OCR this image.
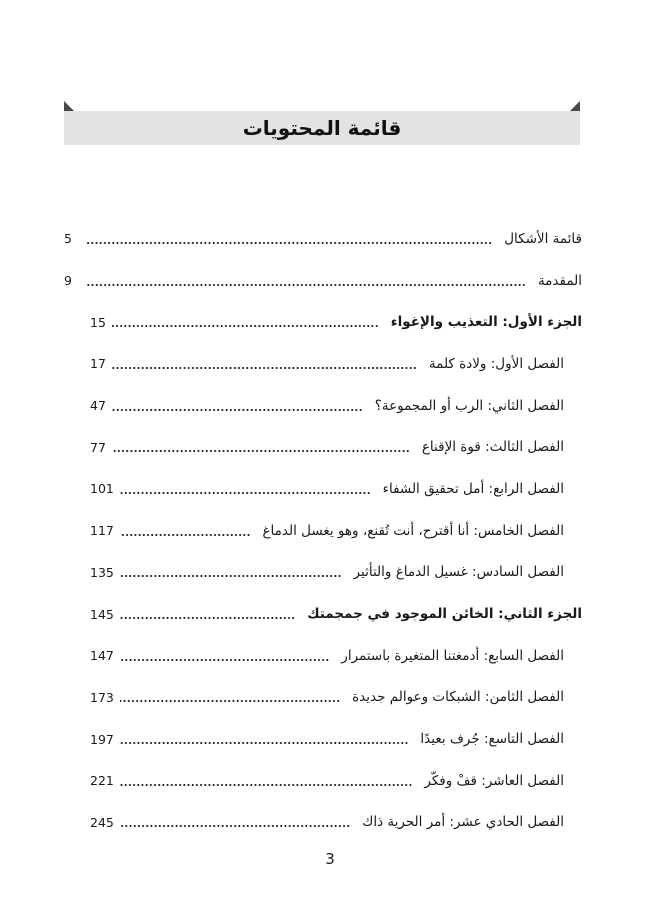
قائمة المحتويات
قائمة الأشكال
5
المقدمة
9
الجزء الأول: التعذيب والإغواء
15
الفصل الأول: ولادة كلمة
17
الفصل الثاني: الرب أو المجموعة؟
47
الفصل الثالث: قوة الإقناع
77
الفصل الرابع: أمل تحقيق الشفاء
101
الفصل الخامس: أنا أقترح، أنت تُقنع، وهو يغسل الدماغ
117
الفصل السادس: غسيل الدماغ والتأثير
135
الجزء الثاني: الخائن الموجود في جمجمتك
145
الفصل السابع: أدمغتنا المتغيرة باستمرار
147
الفصل الثامن: الشبكات وعوالم جديدة
173
الفصل التاسع: جُرف بعيدًا
197
الفصل العاشر: قفْ وفكّر
221
الفصل الحادي عشر: أمر الحرية ذاك
245
3
